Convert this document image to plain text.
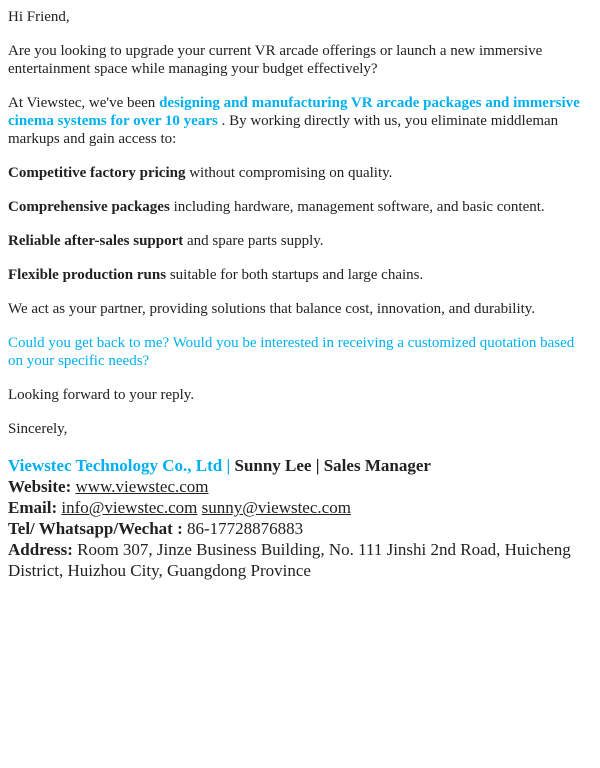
Hi Friend,

Are you looking to upgrade your current VR arcade offerings or launch a new immersive entertainment space while managing your budget effectively?

At Viewstec, we've been designing and manufacturing VR arcade packages and immersive cinema systems for over 10 years . By working directly with us, you eliminate middleman markups and gain access to:

Competitive factory pricing without compromising on quality.

Comprehensive packages including hardware, management software, and basic content.

Reliable after-sales support and spare parts supply.

Flexible production runs suitable for both startups and large chains.

We act as your partner, providing solutions that balance cost, innovation, and durability.

Could you get back to me? Would you be interested in receiving a customized quotation based on your specific needs?

Looking forward to your reply.

Sincerely,

Viewstec Technology Co., Ltd | Sunny Lee | Sales Manager
Website: www.viewstec.com
Email: info@viewstec.com sunny@viewstec.com
Tel/ Whatsapp/Wechat : 86-17728876883
Address: Room 307, Jinze Business Building, No. 111 Jinshi 2nd Road, Huicheng District, Huizhou City, Guangdong Province
